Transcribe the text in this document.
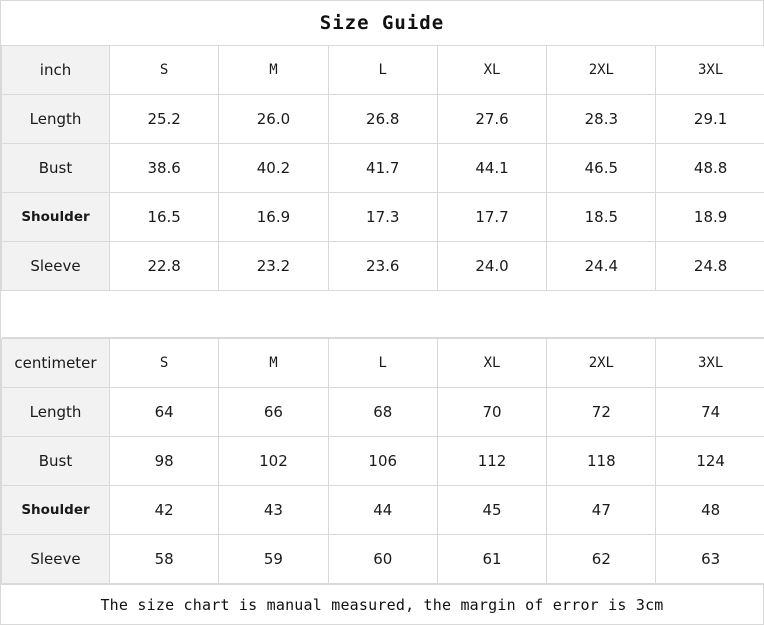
Size Guide
inch	S	M	L	XL	2XL	3XL
Length	25.2	26.0	26.8	27.6	28.3	29.1
Bust	38.6	40.2	41.7	44.1	46.5	48.8
Shoulder	16.5	16.9	17.3	17.7	18.5	18.9
Sleeve	22.8	23.2	23.6	24.0	24.4	24.8

centimeter	S	M	L	XL	2XL	3XL
Length	64	66	68	70	72	74
Bust	98	102	106	112	118	124
Shoulder	42	43	44	45	47	48
Sleeve	58	59	60	61	62	63
The size chart is manual measured, the margin of error is 3cm
